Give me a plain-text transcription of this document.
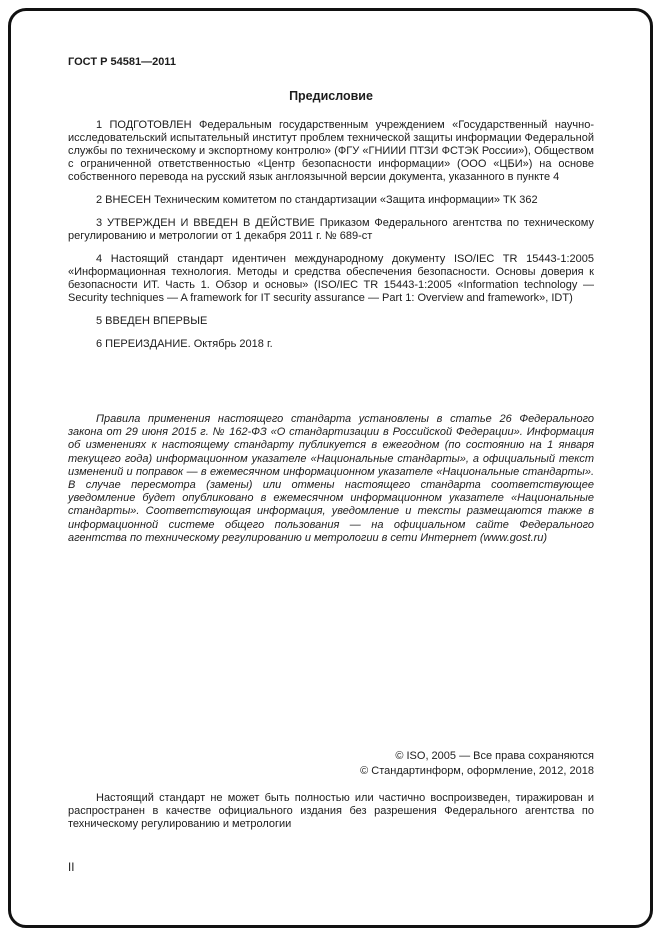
ГОСТ Р 54581—2011
Предисловие

1 ПОДГОТОВЛЕН Федеральным государственным учреждением «Государственный научно-исследовательский испытательный институт проблем технической защиты информации Федеральной службы по техническому и экспортному контролю» (ФГУ «ГНИИИ ПТЗИ ФСТЭК России»), Обществом с ограниченной ответственностью «Центр безопасности информации» (ООО «ЦБИ») на основе собственного перевода на русский язык англоязычной версии документа, указанного в пункте 4

2 ВНЕСЕН Техническим комитетом по стандартизации «Защита информации» ТК 362

3 УТВЕРЖДЕН И ВВЕДЕН В ДЕЙСТВИЕ Приказом Федерального агентства по техническому регулированию и метрологии от 1 декабря 2011 г. № 689-ст

4 Настоящий стандарт идентичен международному документу ISO/IEC TR 15443-1:2005 «Информационная технология. Методы и средства обеспечения безопасности. Основы доверия к безопасности ИТ. Часть 1. Обзор и основы» (ISO/IEC TR 15443-1:2005 «Information technology — Security techniques — A framework for IT security assurance — Part 1: Overview and framework», IDT)

5 ВВЕДЕН ВПЕРВЫЕ

6 ПЕРЕИЗДАНИЕ. Октябрь 2018 г.

Правила применения настоящего стандарта установлены в статье 26 Федерального закона от 29 июня 2015 г. № 162-ФЗ «О стандартизации в Российской Федерации». Информация об изменениях к настоящему стандарту публикуется в ежегодном (по состоянию на 1 января текущего года) информационном указателе «Национальные стандарты», а официальный текст изменений и поправок — в ежемесячном информационном указателе «Национальные стандарты». В случае пересмотра (замены) или отмены настоящего стандарта соответствующее уведомление будет опубликовано в ежемесячном информационном указателе «Национальные стандарты». Соответствующая информация, уведомление и тексты размещаются также в информационной системе общего пользования — на официальном сайте Федерального агентства по техническому регулированию и метрологии в сети Интернет (www.gost.ru)

© ISO, 2005 — Все права сохраняются
© Стандартинформ, оформление, 2012, 2018

Настоящий стандарт не может быть полностью или частично воспроизведен, тиражирован и распространен в качестве официального издания без разрешения Федерального агентства по техническому регулированию и метрологии

II
